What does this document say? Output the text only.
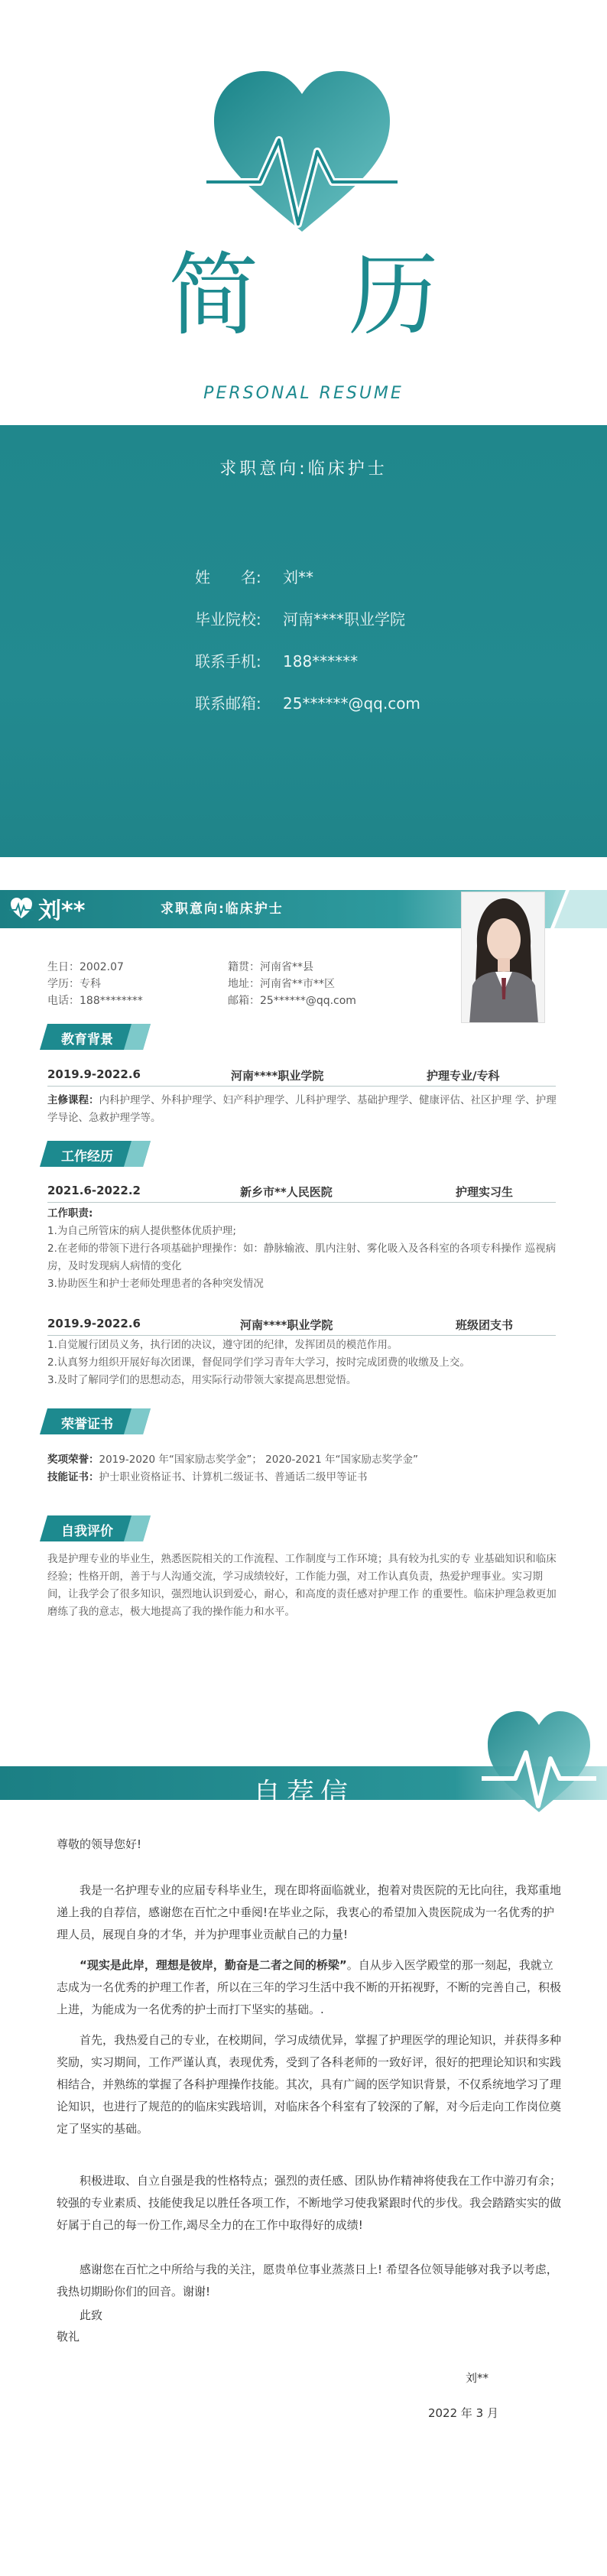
简 历
PERSONAL RESUME
求职意向:临床护士
姓　　名: 刘**
毕业院校: 河南****职业学院
联系手机: 188******
联系邮箱: 25******@qq.com
刘**	求职意向:临床护士
生日：2002.07
学历：专科
电话：188********
籍贯：河南省**县
地址：河南省**市**区
邮箱：25******@qq.com
教育背景
2019.9-2022.6	河南****职业学院	护理专业/专科
主修课程：内科护理学、外科护理学、妇产科护理学、儿科护理学、基础护理学、健康评估、社区护理 学、护理学导论、急救护理学等。
工作经历
2021.6-2022.2	新乡市**人民医院	护理实习生
工作职责:
1.为自己所管床的病人提供整体优质护理;
2.在老师的带领下进行各项基础护理操作：如：静脉输液、肌内注射、雾化吸入及各科室的各项专科操作 巡视病房，及时发现病人病情的变化
3.协助医生和护士老师处理患者的各种突发情况
2019.9-2022.6	河南****职业学院	班级团支书
1.自觉履行团员义务，执行团的决议，遵守团的纪律，发挥团员的模范作用。
2.认真努力组织开展好每次团课，督促同学们学习青年大学习，按时完成团费的收缴及上交。
3.及时了解同学们的思想动态，用实际行动带领大家提高思想觉悟。
荣誉证书
奖项荣誉：2019-2020 年“国家励志奖学金”； 2020-2021 年“国家励志奖学金”
技能证书：护士职业资格证书、计算机二级证书、普通话二级甲等证书
自我评价
我是护理专业的毕业生，熟悉医院相关的工作流程、工作制度与工作环境；具有较为扎实的专 业基础知识和临床经验；性格开朗，善于与人沟通交流，学习成绩较好，工作能力强，对工作认真负责，热爱护理事业。实习期间，让我学会了很多知识，强烈地认识到爱心，耐心，和高度的责任感对护理工作 的重要性。临床护理急救更加磨练了我的意志，极大地提高了我的操作能力和水平。
自荐信
尊敬的领导您好!
我是一名护理专业的应届专科毕业生，现在即将面临就业，抱着对贵医院的无比向往，我郑重地递上我的自荐信，感谢您在百忙之中垂阅!在毕业之际，我衷心的希望加入贵医院成为一名优秀的护理人员，展现自身的才华，并为护理事业贡献自己的力量!
“现实是此岸，理想是彼岸，勤奋是二者之间的桥梁”。自从步入医学殿堂的那一刻起，我就立志成为一名优秀的护理工作者，所以在三年的学习生活中我不断的开拓视野，不断的完善自己，积极上进，为能成为一名优秀的护士而打下坚实的基础。.
首先，我热爱自己的专业，在校期间，学习成绩优异，掌握了护理医学的理论知识，并获得多种奖励，实习期间，工作严谨认真，表现优秀，受到了各科老师的一致好评，很好的把理论知识和实践相结合，并熟练的掌握了各科护理操作技能。其次，具有广阔的医学知识背景，不仅系统地学习了理论知识，也进行了规范的的临床实践培训，对临床各个科室有了较深的了解，对今后走向工作岗位奠定了坚实的基础。
积极进取、自立自强是我的性格特点；强烈的责任感、团队协作精神将使我在工作中游刃有余；较强的专业素质、技能使我足以胜任各项工作，不断地学习使我紧跟时代的步伐。我会踏踏实实的做好属于自己的每一份工作,竭尽全力的在工作中取得好的成绩!
感谢您在百忙之中所给与我的关注，愿贵单位事业蒸蒸日上! 希望各位领导能够对我予以考虑，我热切期盼你们的回音。谢谢!
此致
敬礼
刘**
2022 年 3 月
